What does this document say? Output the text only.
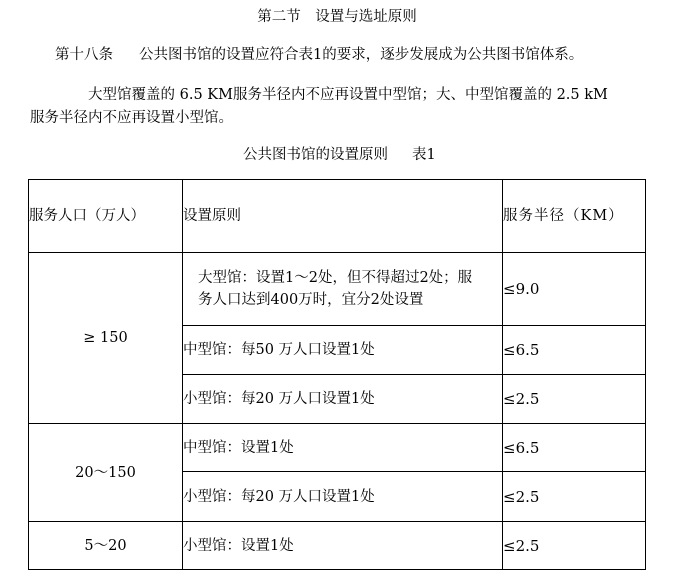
第二节　设置与选址原则
第十八条 公共图书馆的设置应符合表1的要求，逐步发展成为公共图书馆体系。
大型馆覆盖的 6.5 KM服务半径内不应再设置中型馆；大、中型馆覆盖的 2.5 kM
服务半径内不应再设置小型馆。
公共图书馆的设置原则 表1
服务人口（万人）	设置原则	服务半径（KM）
≥ 150	大型馆：设置1～2处，但不得超过2处；服务人口达到400万时，宜分2处设置	≤9.0
	中型馆：每50 万人口设置1处	≤6.5
	小型馆：每20 万人口设置1处	≤2.5
20～150	中型馆：设置1处	≤6.5
	小型馆：每20 万人口设置1处	≤2.5
5～20	小型馆：设置1处	≤2.5
